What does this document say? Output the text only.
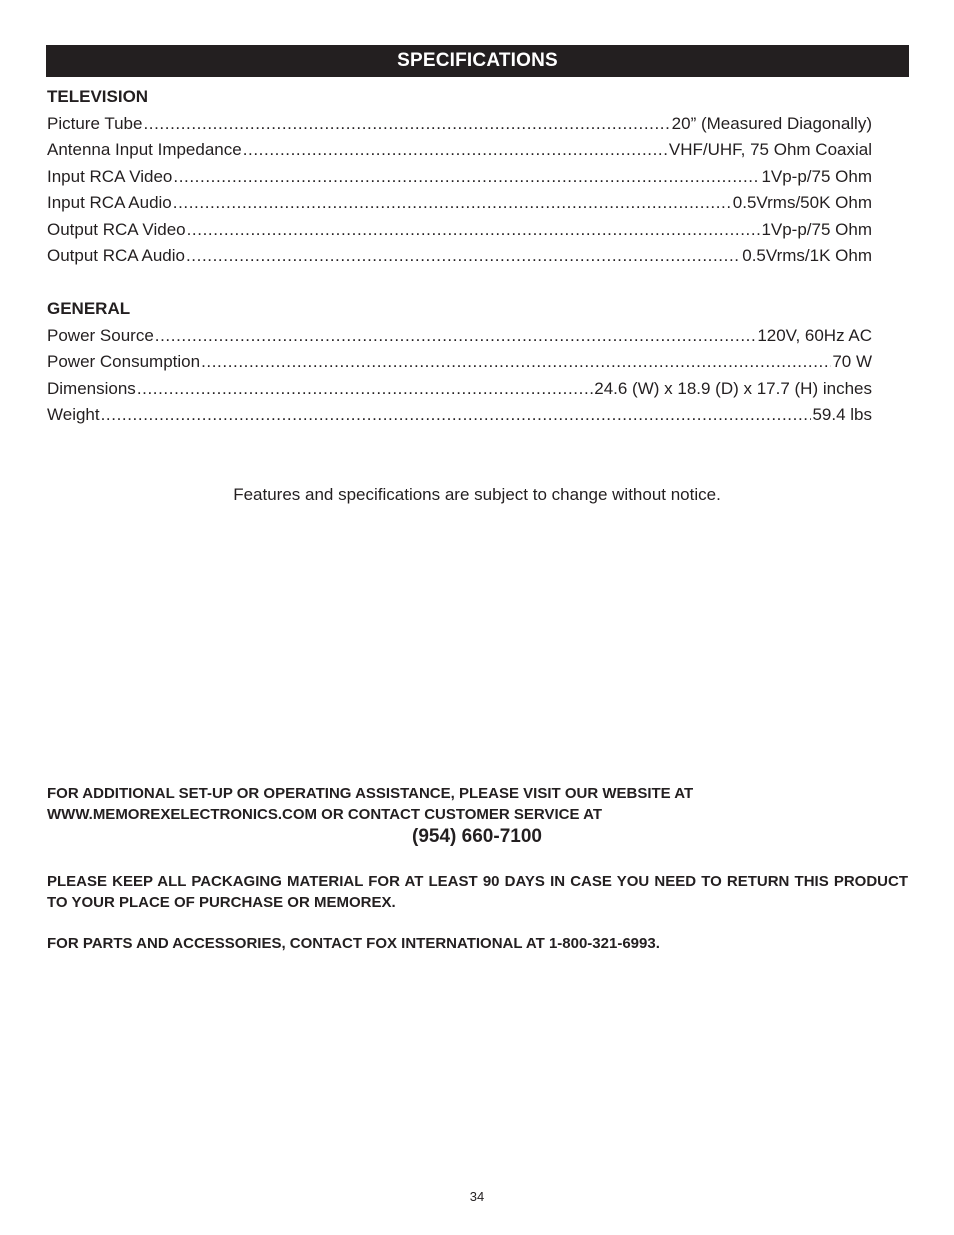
SPECIFICATIONS
TELEVISION
Picture Tube .....	20” (Measured Diagonally)
Antenna Input Impedance .....	VHF/UHF, 75 Ohm Coaxial
Input RCA Video .....	1Vp-p/75 Ohm
Input RCA Audio .....	0.5Vrms/50K Ohm
Output RCA Video .....	1Vp-p/75 Ohm
Output RCA Audio .....	0.5Vrms/1K Ohm
GENERAL
Power Source .....	120V, 60Hz AC
Power Consumption .....	70 W
Dimensions .....	24.6 (W) x 18.9 (D) x 17.7 (H) inches
Weight .....	59.4 lbs
Features and specifications are subject to change without notice.
FOR ADDITIONAL SET-UP OR OPERATING ASSISTANCE, PLEASE VISIT OUR WEBSITE AT
WWW.MEMOREXELECTRONICS.COM OR CONTACT CUSTOMER SERVICE AT
(954) 660-7100
PLEASE KEEP ALL PACKAGING MATERIAL FOR AT LEAST 90 DAYS IN CASE YOU NEED TO RETURN THIS PRODUCT TO YOUR PLACE OF PURCHASE OR MEMOREX.
FOR PARTS AND ACCESSORIES, CONTACT FOX INTERNATIONAL AT 1-800-321-6993.
34
